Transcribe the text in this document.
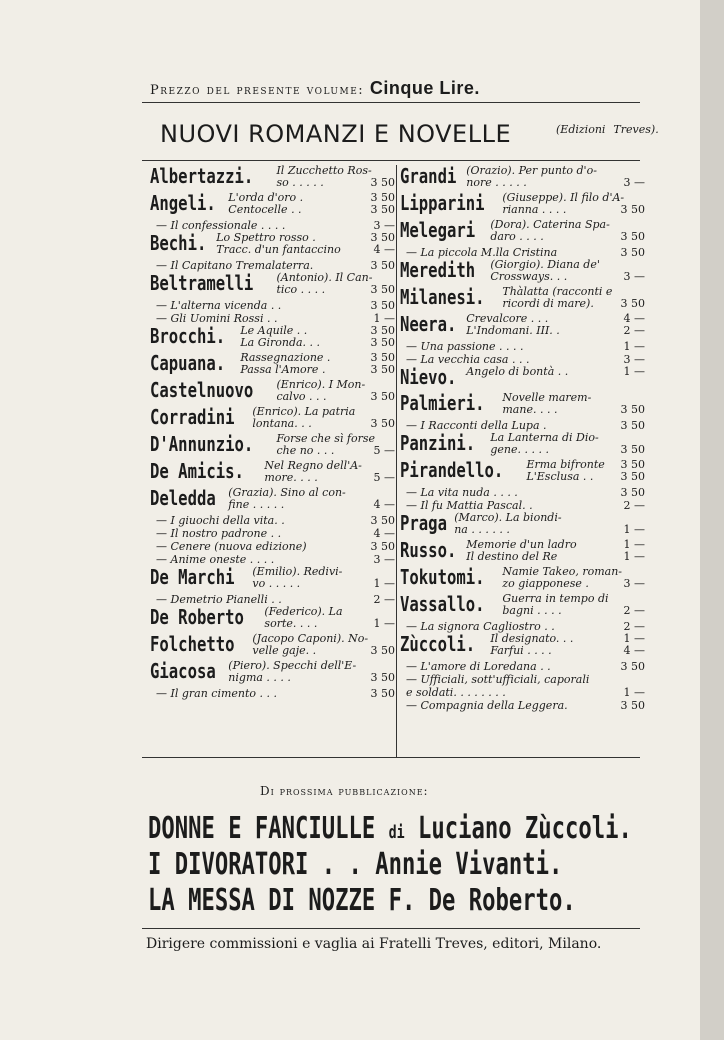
Prezzo del presente volume: Cinque Lire.
NUOVI ROMANZI E NOVELLE	(Edizioni Treves).
Albertazzi. Il Zucchetto Ros-
so . . . . .	3 50
Angeli. L'orda d'oro .	3 50
Centocelle . .	3 50
— Il confessionale . . . .	3 —
Bechi. Lo Spettro rosso .	3 50
Tracc. d'un fantaccino	4 —
— Il Capitano Tremalaterra.	3 50
Beltramelli (Antonio). Il Can-
tico . . . .	3 50
— L'alterna vicenda . .	3 50
— Gli Uomini Rossi . .	1 —
Brocchi. Le Aquile . .	3 50
La Gironda. . .	3 50
Capuana. Rassegnazione .	3 50
Passa l'Amore .	3 50
Castelnuovo (Enrico). I Mon-
calvo . . .	3 50
Corradini (Enrico). La patria
lontana. . .	3 50
D'Annunzio. Forse che sì forse
che no . . .	5 —
De Amicis. Nel Regno dell'A-
more. . . .	5 —
Deledda (Grazia). Sino al con-
fine . . . . .	4 —
— I giuochi della vita. .	3 50
— Il nostro padrone . .	4 —
— Cenere (nuova edizione)	3 50
— Anime oneste . . . .	3 —
De Marchi (Emilio). Redivi-
vo . . . . .	1 —
— Demetrio Pianelli . .	2 —
De Roberto (Federico). La
sorte. . . .	1 —
Folchetto (Jacopo Caponi). No-
velle gaje. .	3 50
Giacosa (Piero). Specchi dell'E-
nigma . . . .	3 50
— Il gran cimento . . .	3 50
Grandi (Orazio). Per punto d'o-
nore . . . . .	3 —
Lipparini (Giuseppe). Il filo d'A-
rianna . . . .	3 50
Melegari (Dora). Caterina Spa-
daro . . . .	3 50
— La piccola M.lla Cristina	3 50
Meredith (Giorgio). Diana de'
Crossways. . .	3 —
Milanesi. Thàlatta (racconti e
ricordi di mare). 3 50
Neera. Crevalcore . . .	4 —
L'Indomani. III. .	2 —
— Una passione . . . .	1 —
— La vecchia casa . . .	3 —
Nievo. Angelo di bontà . .	1 —
Palmieri. Novelle marem-
mane. . . .	3 50
— I Racconti della Lupa .	3 50
Panzini. La Lanterna di Dio-
gene. . . . .	3 50
Pirandello. Erma bifronte 3 50
L'Esclusa . . 3 50
— La vita nuda . . . .	3 50
— Il fu Mattia Pascal. .	2 —
Praga (Marco). La biondi-
na . . . . . .	1 —
Russo. Memorie d'un ladro	1 —
Il destino del Re	1 —
Tokutomi. Namie Takeo, roman-
zo giapponese .	3 —
Vassallo. Guerra in tempo di
bagni . . . .	2 —
— La signora Cagliostro . .	2 —
Zùccoli. Il designato. . .	1 —
Farfui . . . .	4 —
— L'amore di Loredana . .	3 50
— Ufficiali, sott'ufficiali, caporali
e soldati. . . . . . . .	1 —
— Compagnia della Leggera.	3 50
Di prossima pubblicazione:
DONNE E FANCIULLE di Luciano Zùccoli.
I DIVORATORI . . Annie Vivanti.
LA MESSA DI NOZZE F. De Roberto.
Dirigere commissioni e vaglia ai Fratelli Treves, editori, Milano.
